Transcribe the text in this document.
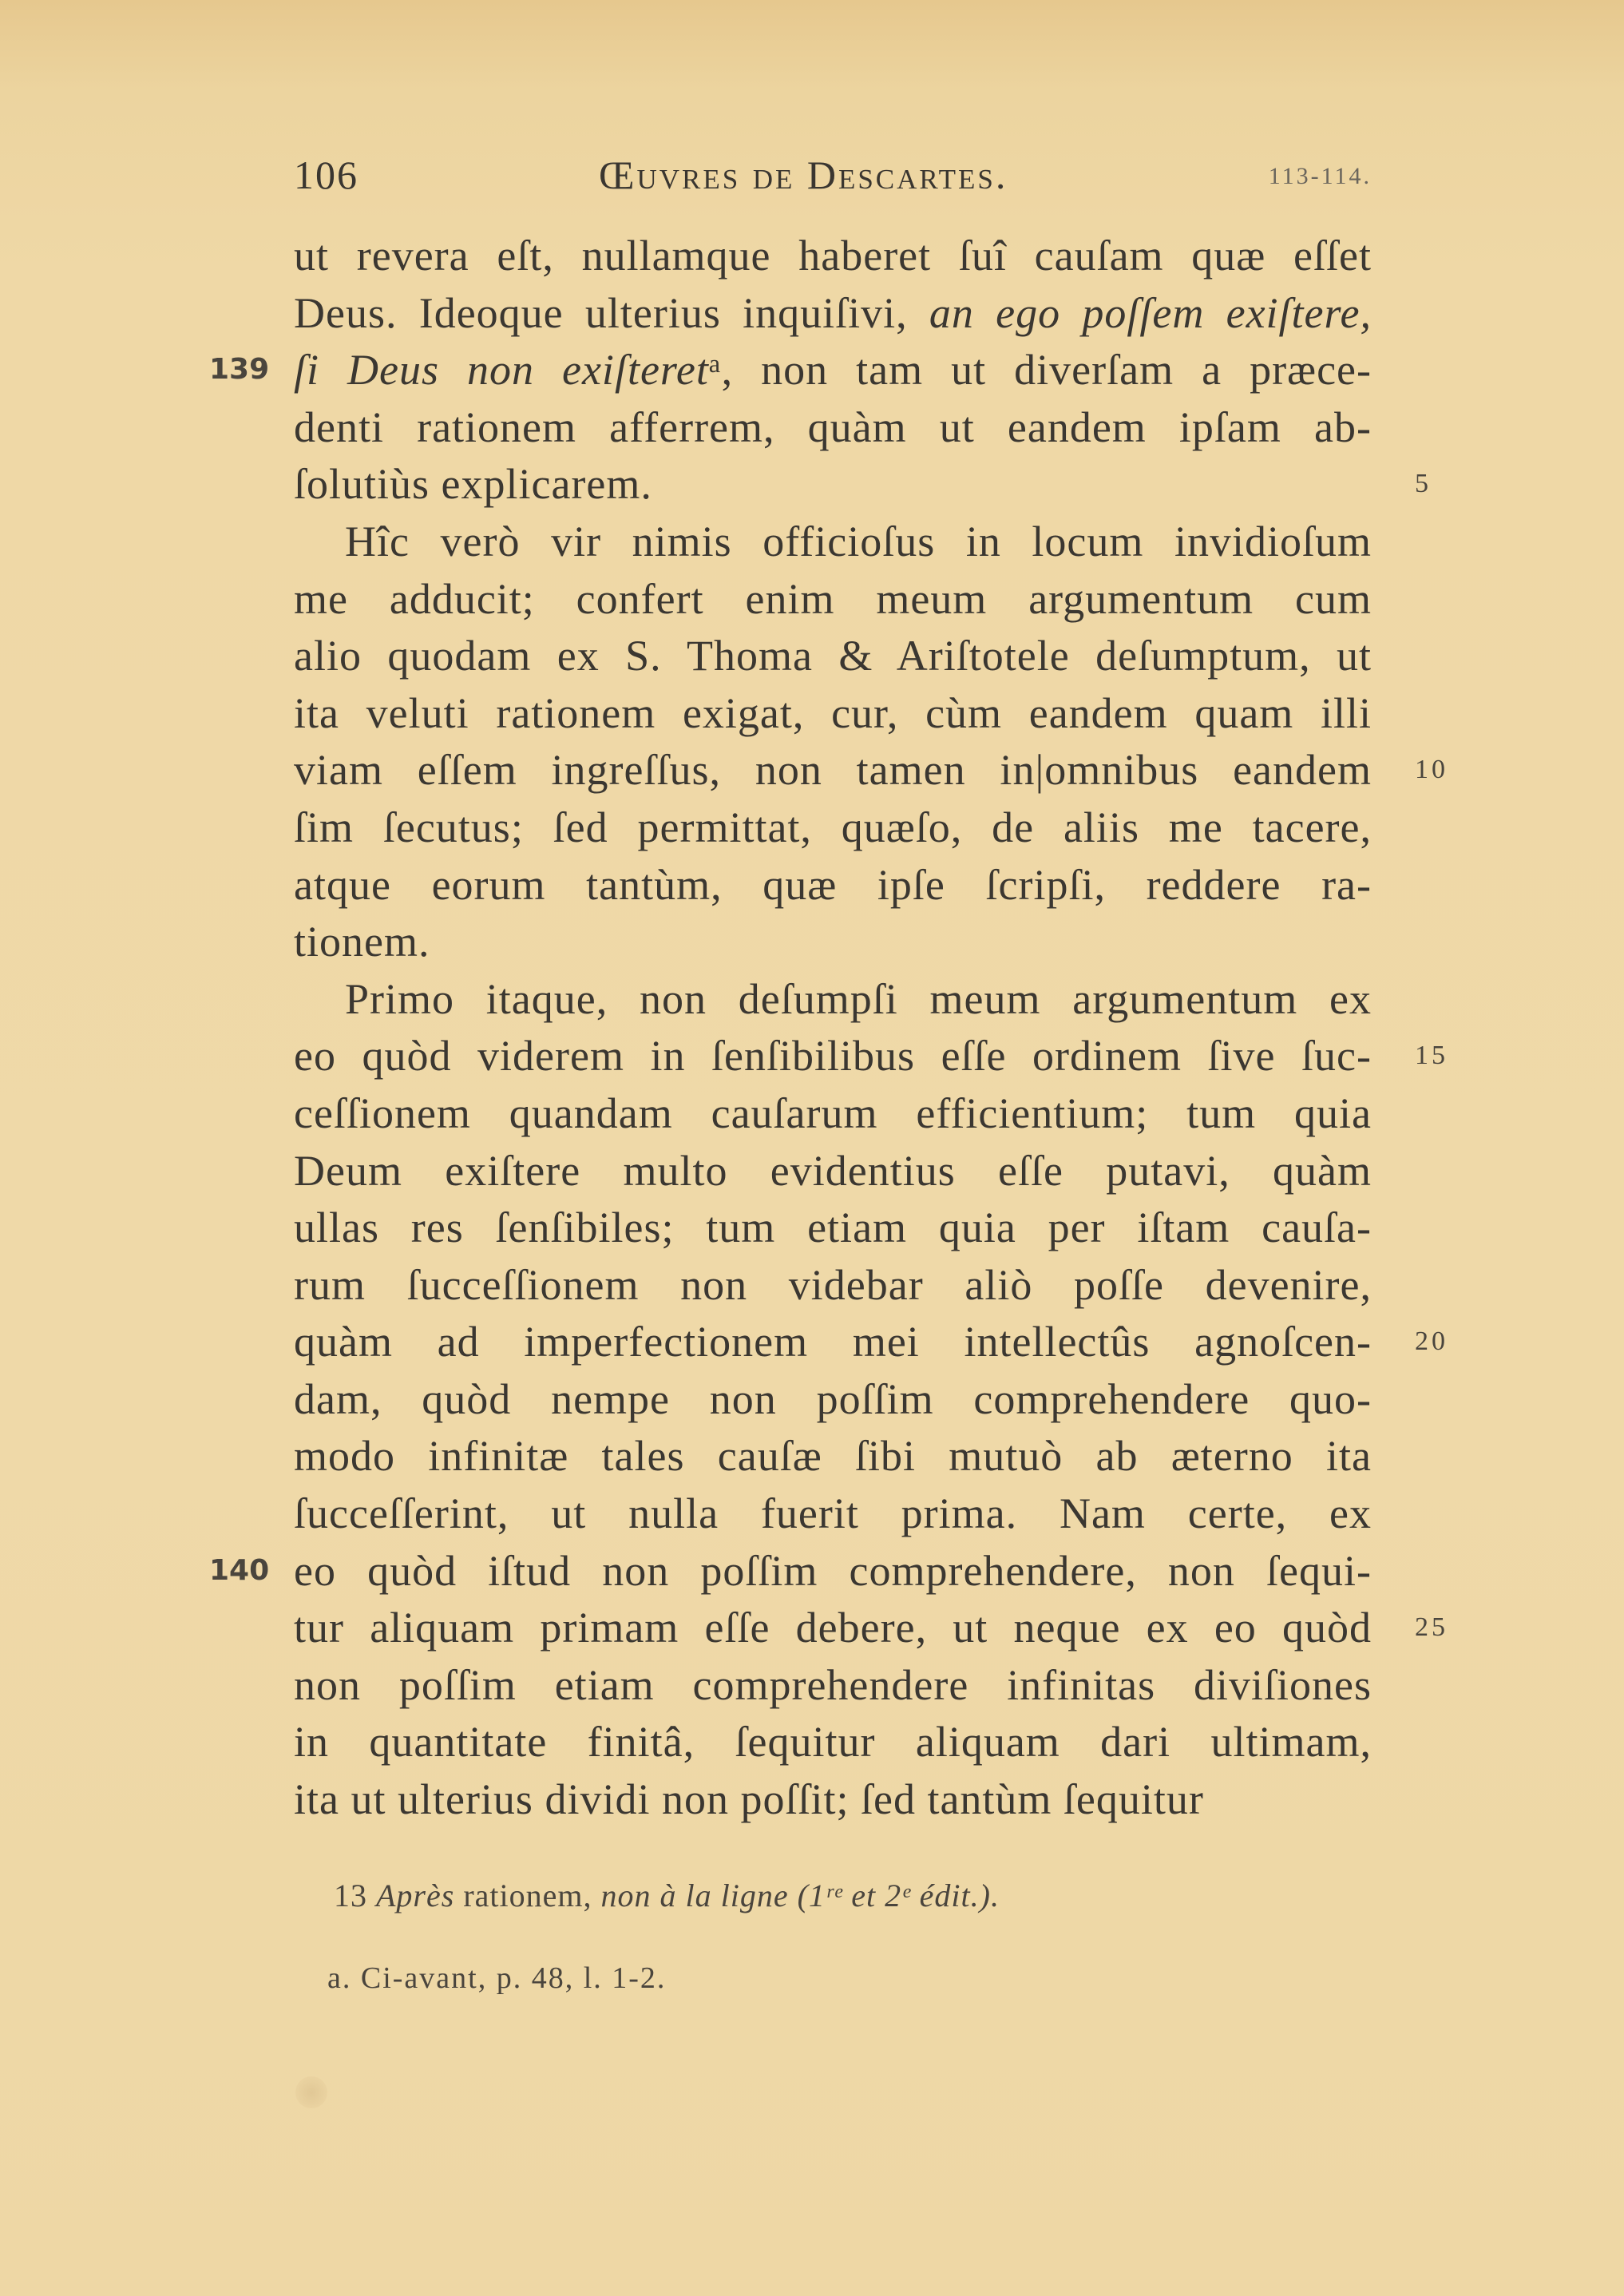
106	Œuvres de Descartes.	113-114.
ut revera eſt, nullamque haberet ſuî cauſam quæ eſſet
Deus. Ideoque ulterius inquiſivi, an ego poſſem exiſtere,
ſi Deus non exiſteretᵃ, non tam ut diverſam a præce-
denti rationem afferrem, quàm ut eandem ipſam ab-
ſolutiùs explicarem.
Hîc verò vir nimis officioſus in locum invidioſum
me adducit; confert enim meum argumentum cum
alio quodam ex S. Thoma & Ariſtotele deſumptum, ut
ita veluti rationem exigat, cur, cùm eandem quam illi
viam eſſem ingreſſus, non tamen in|omnibus eandem
ſim ſecutus; ſed permittat, quæſo, de aliis me tacere,
atque eorum tantùm, quæ ipſe ſcripſi, reddere ra-
tionem.
Primo itaque, non deſumpſi meum argumentum ex
eo quòd viderem in ſenſibilibus eſſe ordinem ſive ſuc-
ceſſionem quandam cauſarum efficientium; tum quia
Deum exiſtere multo evidentius eſſe putavi, quàm
ullas res ſenſibiles; tum etiam quia per iſtam cauſa-
rum ſucceſſionem non videbar aliò poſſe devenire,
quàm ad imperfectionem mei intellectûs agnoſcen-
dam, quòd nempe non poſſim comprehendere quo-
modo infinitæ tales cauſæ ſibi mutuò ab æterno ita
ſucceſſerint, ut nulla fuerit prima. Nam certe, ex
eo quòd iſtud non poſſim comprehendere, non ſequi-
tur aliquam primam eſſe debere, ut neque ex eo quòd
non poſſim etiam comprehendere infinitas diviſiones
in quantitate finitâ, ſequitur aliquam dari ultimam,
ita ut ulterius dividi non poſſit; ſed tantùm ſequitur
139
140
5
10
15
20
25
13 Après rationem, non à la ligne (1ʳᵉ et 2ᵉ édit.).
a. Ci-avant, p. 48, l. 1-2.
